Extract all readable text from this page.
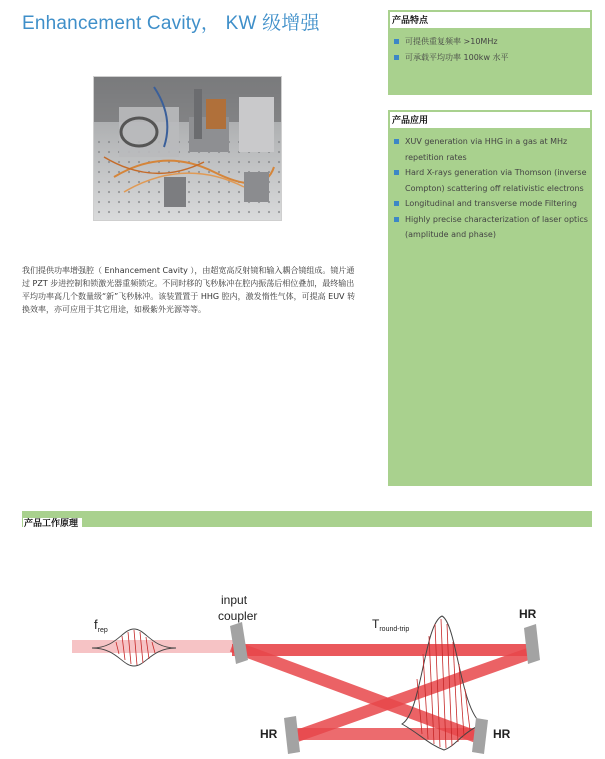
Enhancement Cavity， KW 级增强
我们提供功率增强腔（ Enhancement Cavity ），由超宽高反射镜和输入耦合镜组成。镜片通过 PZT 步进控制和锁激光器重频锁定。不同时移的飞秒脉冲在腔内振荡后相位叠加，最终输出平均功率高几个数量级“新”飞秒脉冲。该装置置于 HHG 腔内，激发惰性气体，可提高 EUV 转换效率，亦可应用于其它用途，如极紫外光源等等。
产品特点
可提供重复频率 >10MHz
可承载平均功率 100kw 水平
产品应用
XUV generation via HHG in a gas at MHz repetition rates
Hard X-rays generation via Thomson (inverse Compton) scattering off relativistic electrons
Longitudinal and transverse mode Filtering
Highly precise characterization of laser optics (amplitude and phase)
产品工作原理
$f_{rep}$
input
coupler
$T_{round-trip}$
HR
HR	HR
